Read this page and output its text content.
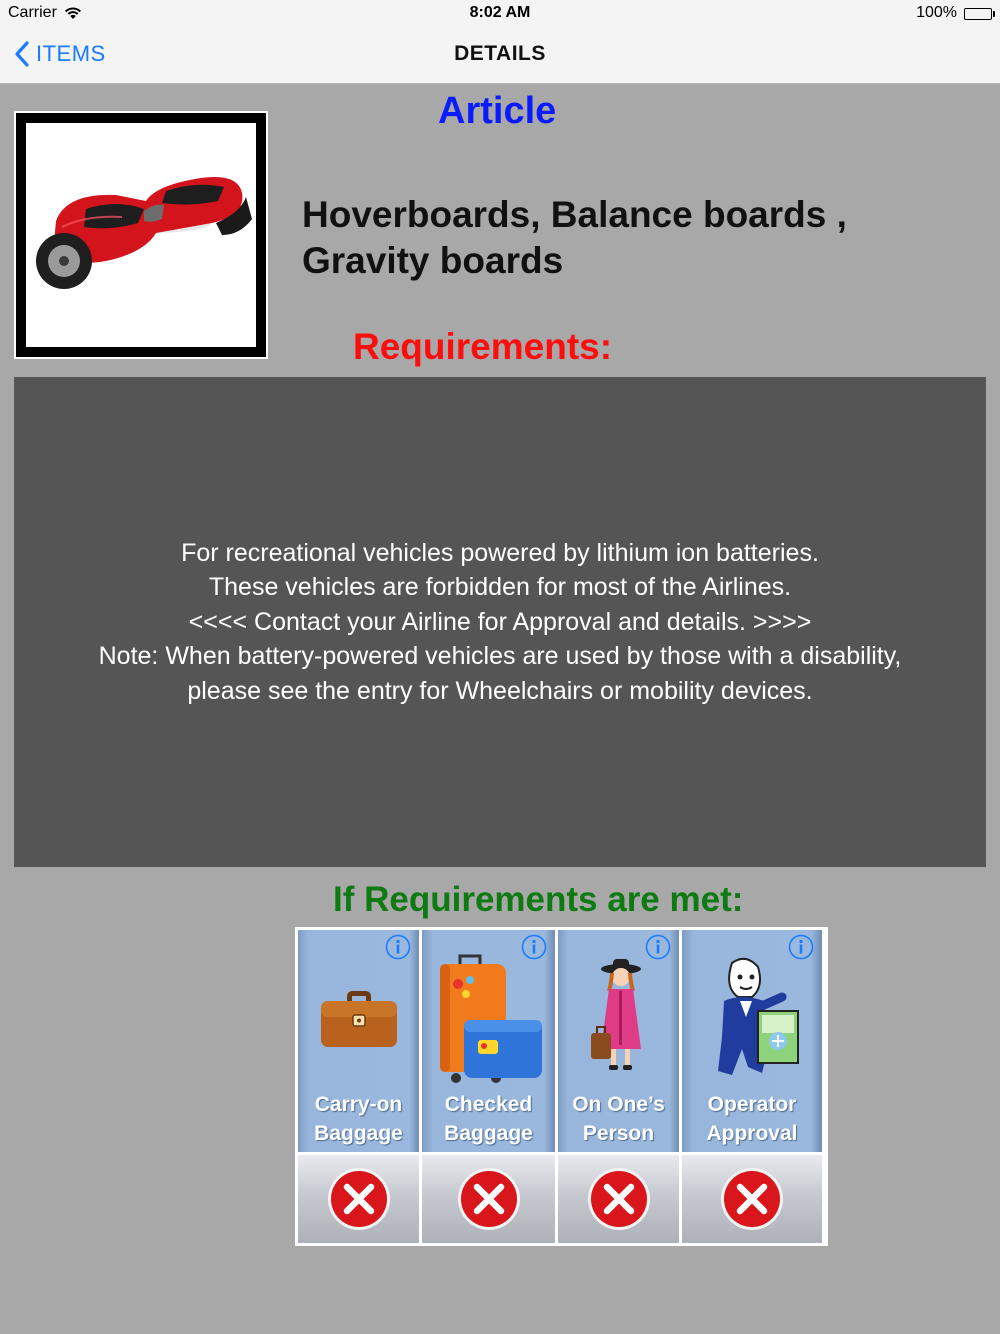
Carrier	8:02 AM	100%
ITEMS	DETAILS
Article
Hoverboards, Balance boards ,
Gravity boards
Requirements:
For recreational vehicles powered by lithium ion batteries.
These vehicles are forbidden for most of the Airlines.
<<<< Contact your Airline for Approval and details. >>>>
Note: When battery-powered vehicles are used by those with a disability,
please see the entry for Wheelchairs or mobility devices.
If Requirements are met:
Carry-on
Baggage
Checked
Baggage
On One’s
Person
Operator
Approval
